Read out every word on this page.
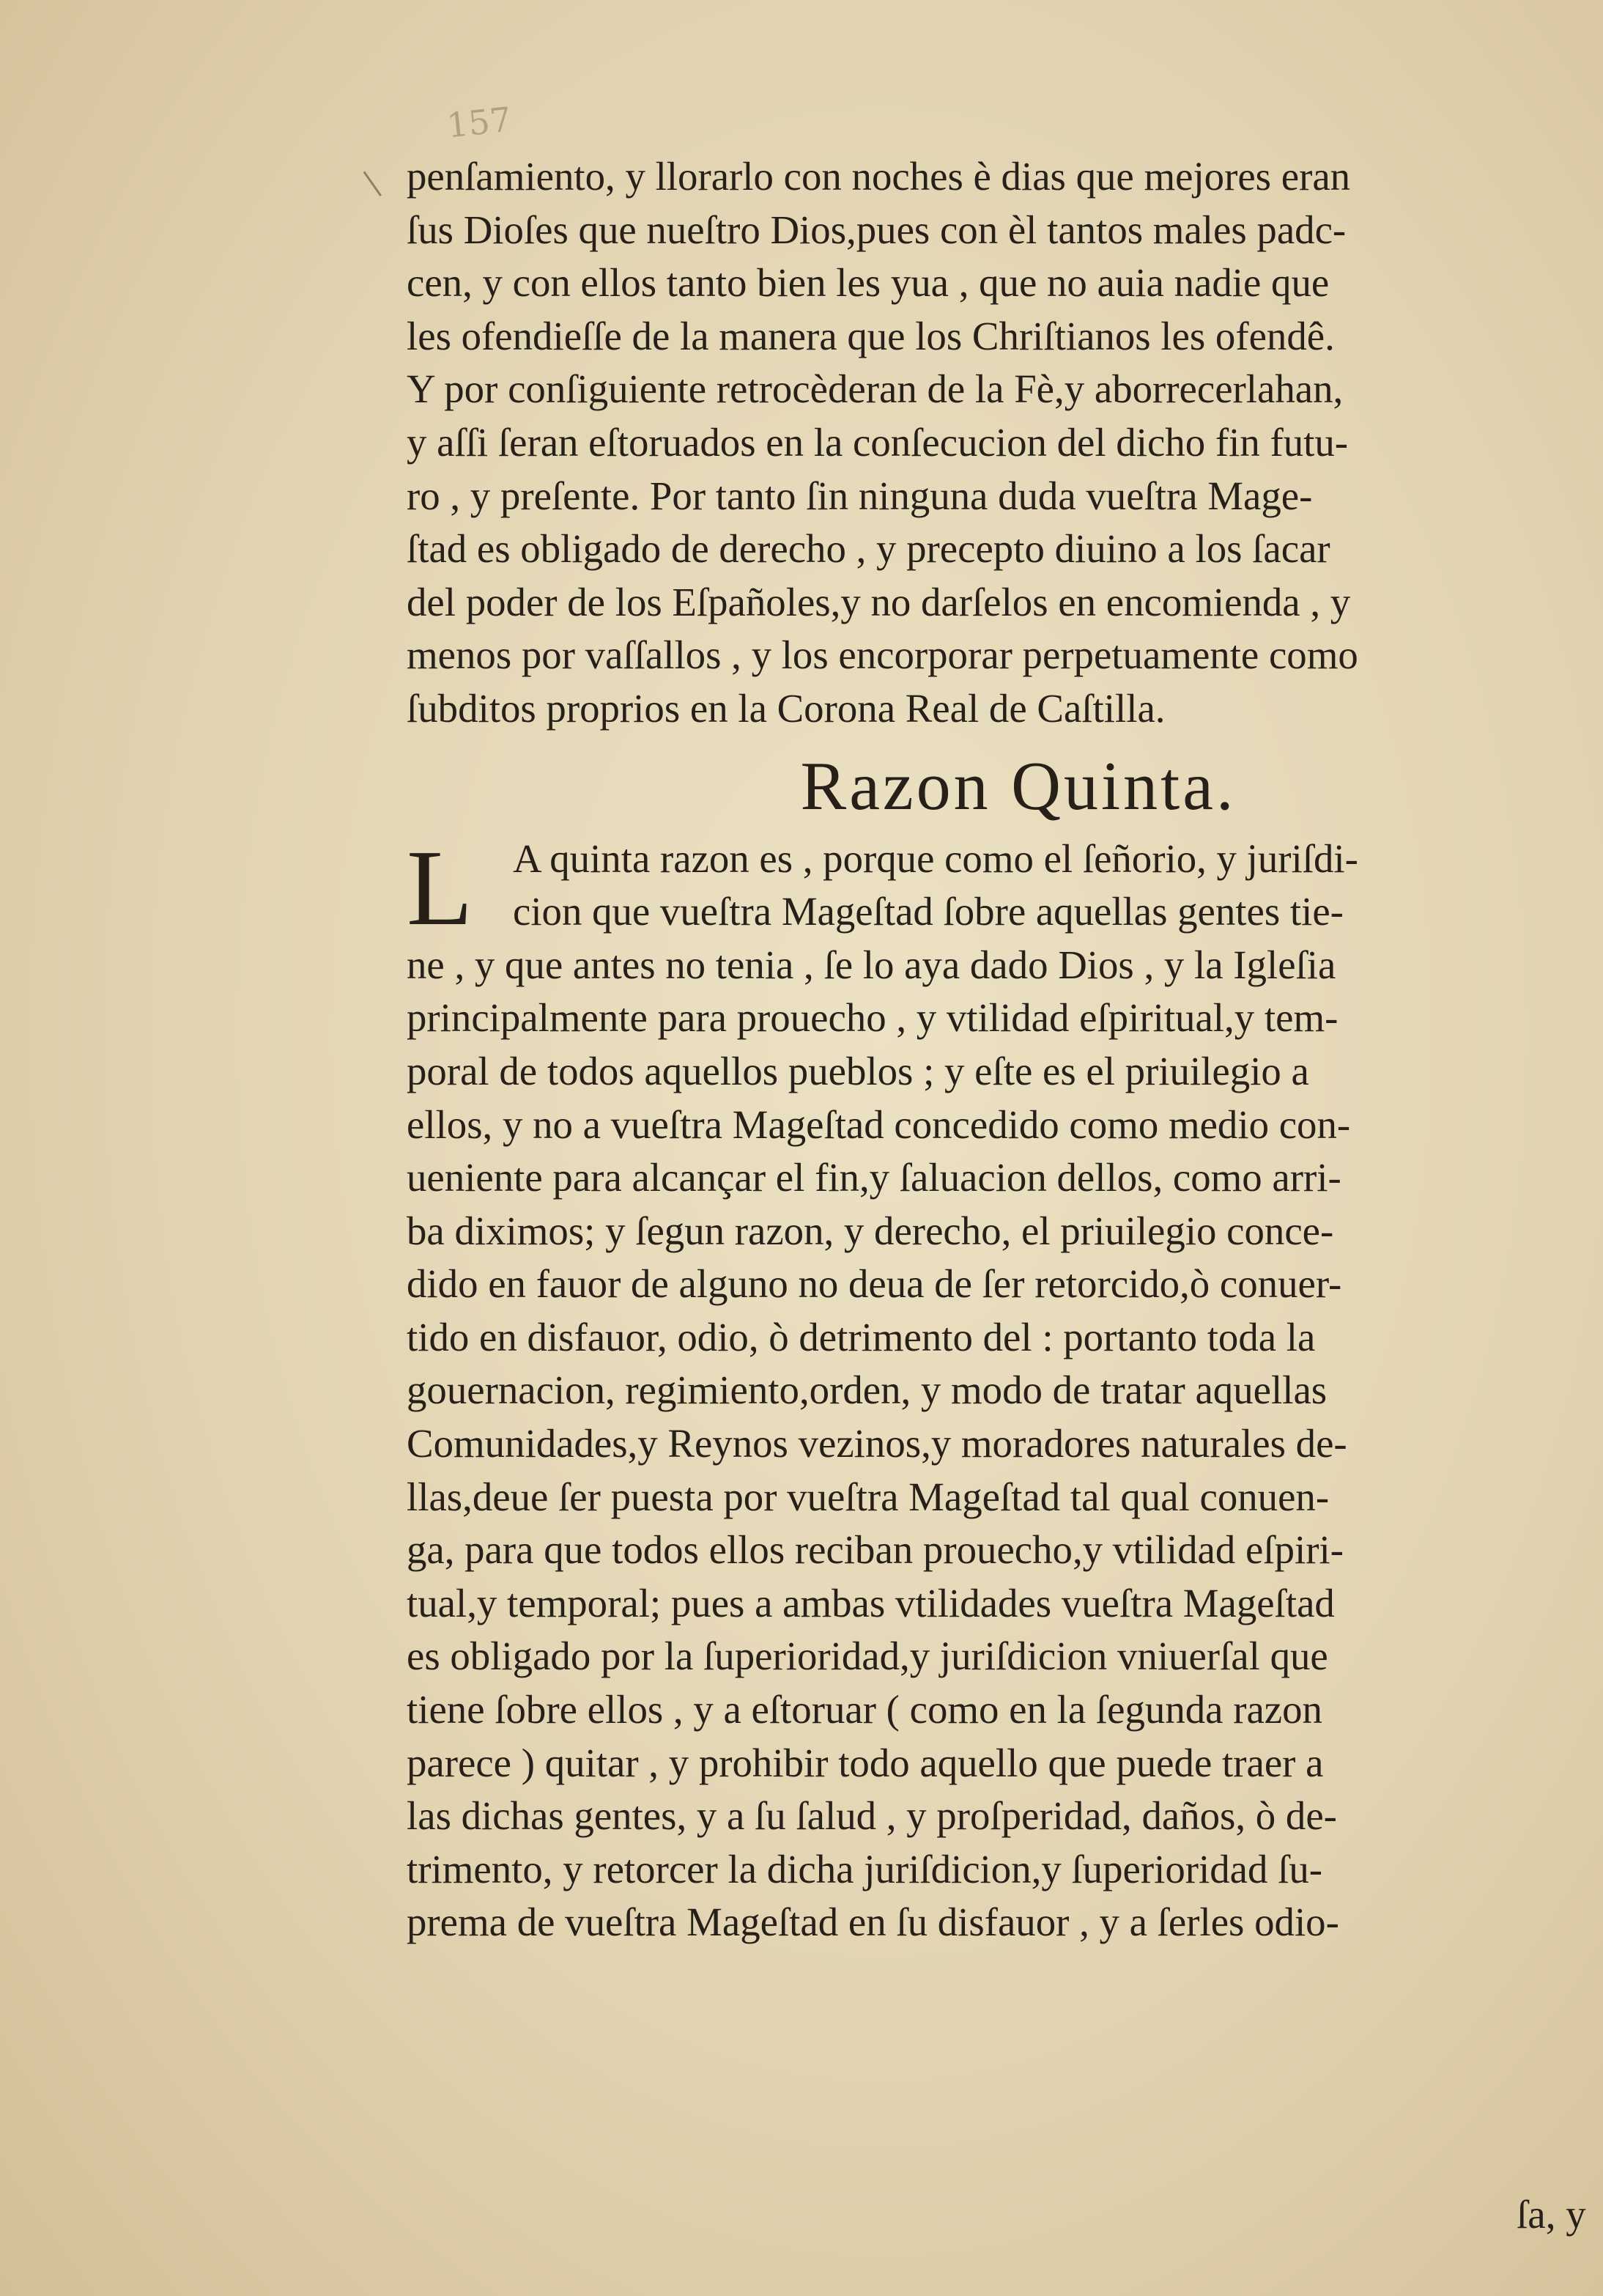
157
penſamiento, y llorarlo con noches è dias que mejores eran
ſus Dioſes que nueſtro Dios,pues con èl tantos males padc-
cen, y con ellos tanto bien les yua , que no auia nadie que
les ofendieſſe de la manera que los Chriſtianos les ofendê.
Y por conſiguiente retrocèderan de la Fè,y aborrecerlahan,
y aſſi ſeran eſtoruados en la conſecucion del dicho fin futu-
ro , y preſente. Por tanto ſin ninguna duda vueſtra Mage-
ſtad es obligado de derecho , y precepto diuino a los ſacar
del poder de los Eſpañoles,y no darſelos en encomienda , y
menos por vaſſallos , y los encorporar perpetuamente como
ſubditos proprios en la Corona Real de Caſtilla.
Razon Quinta.
L A quinta razon es , porque como el ſeñorio, y juriſdi-
cion que vueſtra Mageſtad ſobre aquellas gentes tie-
ne , y que antes no tenia , ſe lo aya dado Dios , y la Igleſia
principalmente para prouecho , y vtilidad eſpiritual,y tem-
poral de todos aquellos pueblos ; y eſte es el priuilegio a
ellos, y no a vueſtra Mageſtad concedido como medio con-
ueniente para alcançar el fin,y ſaluacion dellos, como arri-
ba diximos; y ſegun razon, y derecho, el priuilegio conce-
dido en fauor de alguno no deua de ſer retorcido,ò conuer-
tido en disfauor, odio, ò detrimento del : portanto toda la
gouernacion, regimiento,orden, y modo de tratar aquellas
Comunidades,y Reynos vezinos,y moradores naturales de-
llas,deue ſer puesta por vueſtra Mageſtad tal qual conuen-
ga, para que todos ellos reciban prouecho,y vtilidad eſpiri-
tual,y temporal; pues a ambas vtilidades vueſtra Mageſtad
es obligado por la ſuperioridad,y juriſdicion vniuerſal que
tiene ſobre ellos , y a eſtoruar ( como en la ſegunda razon
parece ) quitar , y prohibir todo aquello que puede traer a
las dichas gentes, y a ſu ſalud , y proſperidad, daños, ò de-
trimento, y retorcer la dicha juriſdicion,y ſuperioridad ſu-
prema de vueſtra Mageſtad en ſu disfauor , y a ſerles odio-
ſa, y
